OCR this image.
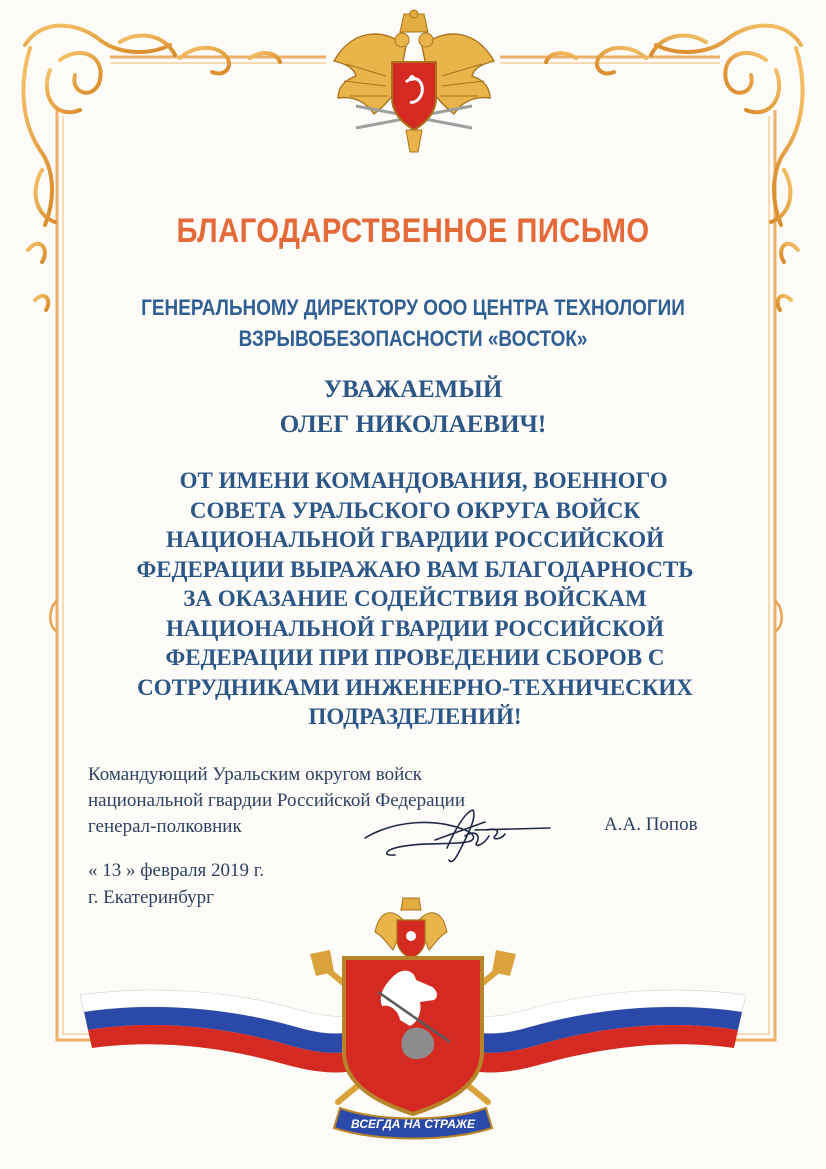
БЛАГОДАРСТВЕННОЕ ПИСЬМО
ГЕНЕРАЛЬНОМУ ДИРЕКТОРУ ООО ЦЕНТРА ТЕХНОЛОГИИ
ВЗРЫВОБЕЗОПАСНОСТИ «ВОСТОК»
УВАЖАЕМЫЙ
ОЛЕГ НИКОЛАЕВИЧ!
ОТ ИМЕНИ КОМАНДОВАНИЯ, ВОЕННОГО
СОВЕТА УРАЛЬСКОГО ОКРУГА ВОЙСК
НАЦИОНАЛЬНОЙ ГВАРДИИ РОССИЙСКОЙ
ФЕДЕРАЦИИ ВЫРАЖАЮ ВАМ БЛАГОДАРНОСТЬ
ЗА ОКАЗАНИЕ СОДЕЙСТВИЯ ВОЙСКАМ
НАЦИОНАЛЬНОЙ ГВАРДИИ РОССИЙСКОЙ
ФЕДЕРАЦИИ ПРИ ПРОВЕДЕНИИ СБОРОВ С
СОТРУДНИКАМИ ИНЖЕНЕРНО-ТЕХНИЧЕСКИХ
ПОДРАЗДЕЛЕНИЙ!
Командующий Уральским округом войск
национальной гвардии Российской Федерации
генерал-полковник	А.А. Попов
« 13 » февраля 2019 г.
г. Екатеринбург
ВСЕГДА НА СТРАЖЕ
